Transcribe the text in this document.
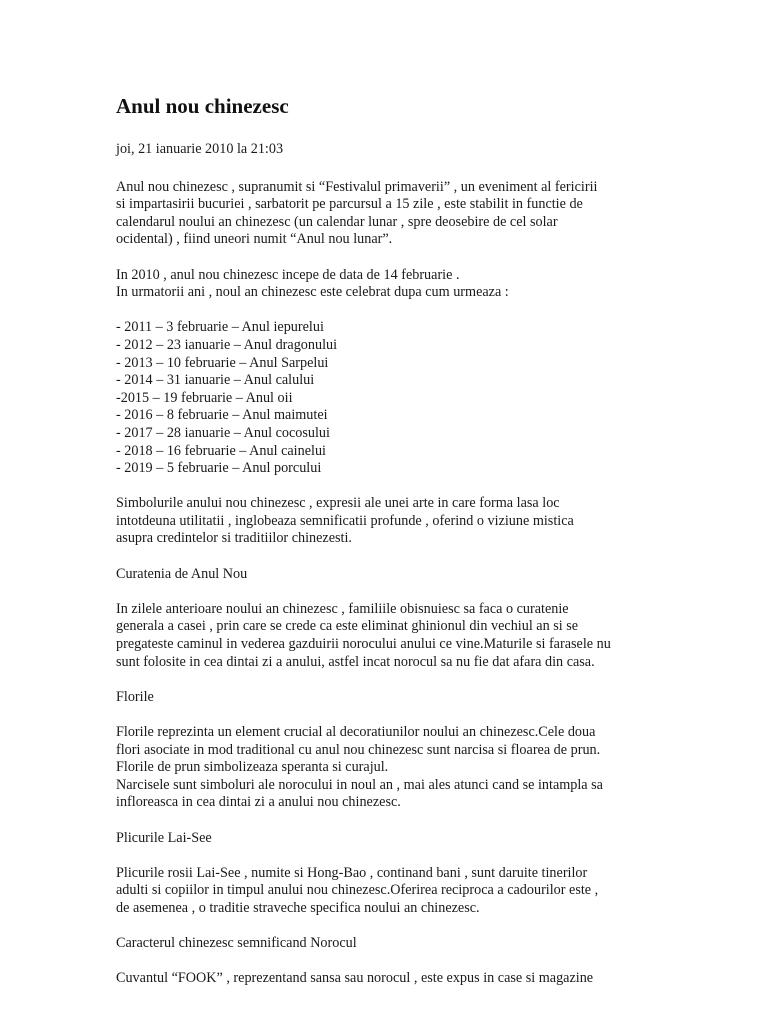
Anul nou chinezesc

joi, 21 ianuarie 2010 la 21:03

Anul nou chinezesc , supranumit si “Festivalul primaverii” , un eveniment al fericirii
si impartasirii bucuriei , sarbatorit pe parcursul a 15 zile , este stabilit in functie de
calendarul noului an chinezesc (un calendar lunar , spre deosebire de cel solar
ocidental) , fiind uneori numit “Anul nou lunar”.

In 2010 , anul nou chinezesc incepe de data de 14 februarie .
In urmatorii ani , noul an chinezesc este celebrat dupa cum urmeaza :

- 2011 – 3 februarie – Anul iepurelui
- 2012 – 23 ianuarie – Anul dragonului
- 2013 – 10 februarie – Anul Sarpelui
- 2014 – 31 ianuarie – Anul calului
-2015 – 19 februarie – Anul oii
- 2016 – 8 februarie – Anul maimutei
- 2017 – 28 ianuarie – Anul cocosului
- 2018 – 16 februarie – Anul cainelui
- 2019 – 5 februarie – Anul porcului

Simbolurile anului nou chinezesc , expresii ale unei arte in care forma lasa loc
intotdeuna utilitatii , inglobeaza semnificatii profunde , oferind o viziune mistica
asupra credintelor si traditiilor chinezesti.

Curatenia de Anul Nou

In zilele anterioare noului an chinezesc , familiile obisnuiesc sa faca o curatenie
generala a casei , prin care se crede ca este eliminat ghinionul din vechiul an si se
pregateste caminul in vederea gazduirii norocului anului ce vine.Maturile si farasele nu
sunt folosite in cea dintai zi a anului, astfel incat norocul sa nu fie dat afara din casa.

Florile

Florile reprezinta un element crucial al decoratiunilor noului an chinezesc.Cele doua
flori asociate in mod traditional cu anul nou chinezesc sunt narcisa si floarea de prun.
Florile de prun simbolizeaza speranta si curajul.
Narcisele sunt simboluri ale norocului in noul an , mai ales atunci cand se intampla sa
infloreasca in cea dintai zi a anului nou chinezesc.

Plicurile Lai-See

Plicurile rosii Lai-See , numite si Hong-Bao , continand bani , sunt daruite tinerilor
adulti si copiilor in timpul anului nou chinezesc.Oferirea reciproca a cadourilor este ,
de asemenea , o traditie straveche specifica noului an chinezesc.

Caracterul chinezesc semnificand Norocul

Cuvantul “FOOK” , reprezentand sansa sau norocul , este expus in case si magazine
